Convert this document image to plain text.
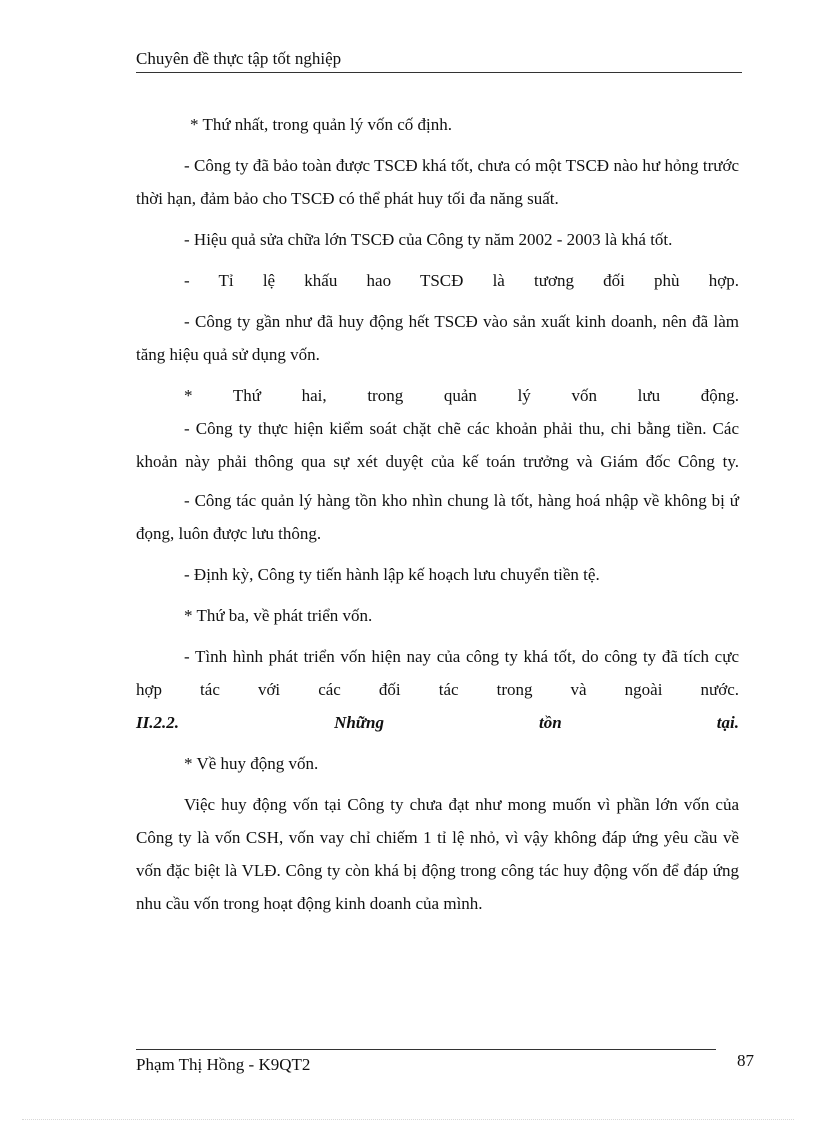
Chuyên đề thực tập tốt nghiệp

* Thứ nhất, trong quản lý vốn cố định.

- Công ty đã bảo toàn được TSCĐ khá tốt, chưa có một TSCĐ nào hư hỏng trước thời hạn, đảm bảo cho TSCĐ có thể phát huy tối đa năng suất.

- Hiệu quả sửa chữa lớn TSCĐ của Công ty năm 2002 - 2003 là khá tốt.

- Tỉ lệ khấu hao TSCĐ là tương đối phù hợp.

- Công ty gần như đã huy động hết TSCĐ vào sản xuất kinh doanh, nên đã làm tăng hiệu quả sử dụng vốn.

* Thứ hai, trong quản lý vốn lưu động.

- Công ty thực hiện kiểm soát chặt chẽ các khoản phải thu, chi bằng tiền. Các khoản này phải thông qua sự xét duyệt của kế toán trưởng và Giám đốc Công ty.

- Công tác quản lý hàng tồn kho nhìn chung là tốt, hàng hoá nhập về không bị ứ đọng, luôn được lưu thông.

- Định kỳ, Công ty tiến hành lập kế hoạch lưu chuyển tiền tệ.

* Thứ ba, về phát triển vốn.

- Tình hình phát triển vốn hiện nay của công ty khá tốt, do công ty đã tích cực hợp tác với các đối tác trong và ngoài nước.

II.2.2. Những tồn tại.

* Về huy động vốn.

Việc huy động vốn tại Công ty chưa đạt như mong muốn vì phần lớn vốn của Công ty là vốn CSH, vốn vay chỉ chiếm 1 tỉ lệ nhỏ, vì vậy không đáp ứng yêu cầu về vốn đặc biệt là VLĐ. Công ty còn khá bị động trong công tác huy động vốn để đáp ứng nhu cầu vốn trong hoạt động kinh doanh của mình.

Phạm Thị Hồng - K9QT2	87
